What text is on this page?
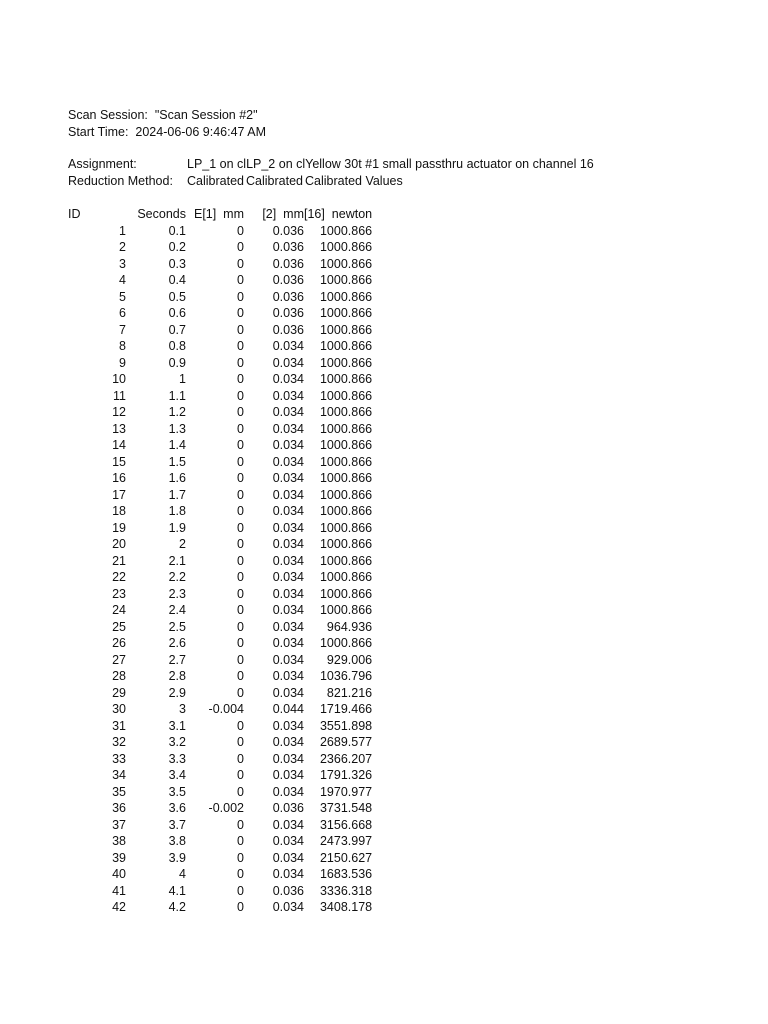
Scan Session: "Scan Session #2"
Start Time: 2024-06-06 9:46:47 AM
Assignment:	LP_1 on clLP_2 on clYellow 30t #1 small passthru actuator on channel 16
Reduction Method: Calibrated Calibrated Calibrated Values
ID	Seconds	E[1]  mm	[2]  mm	[16]  newton
1	0.1	0	0.036	1000.866
2	0.2	0	0.036	1000.866
3	0.3	0	0.036	1000.866
4	0.4	0	0.036	1000.866
5	0.5	0	0.036	1000.866
6	0.6	0	0.036	1000.866
7	0.7	0	0.036	1000.866
8	0.8	0	0.034	1000.866
9	0.9	0	0.034	1000.866
10	1	0	0.034	1000.866
11	1.1	0	0.034	1000.866
12	1.2	0	0.034	1000.866
13	1.3	0	0.034	1000.866
14	1.4	0	0.034	1000.866
15	1.5	0	0.034	1000.866
16	1.6	0	0.034	1000.866
17	1.7	0	0.034	1000.866
18	1.8	0	0.034	1000.866
19	1.9	0	0.034	1000.866
20	2	0	0.034	1000.866
21	2.1	0	0.034	1000.866
22	2.2	0	0.034	1000.866
23	2.3	0	0.034	1000.866
24	2.4	0	0.034	1000.866
25	2.5	0	0.034	964.936
26	2.6	0	0.034	1000.866
27	2.7	0	0.034	929.006
28	2.8	0	0.034	1036.796
29	2.9	0	0.034	821.216
30	3	-0.004	0.044	1719.466
31	3.1	0	0.034	3551.898
32	3.2	0	0.034	2689.577
33	3.3	0	0.034	2366.207
34	3.4	0	0.034	1791.326
35	3.5	0	0.034	1970.977
36	3.6	-0.002	0.036	3731.548
37	3.7	0	0.034	3156.668
38	3.8	0	0.034	2473.997
39	3.9	0	0.034	2150.627
40	4	0	0.034	1683.536
41	4.1	0	0.036	3336.318
42	4.2	0	0.034	3408.178
